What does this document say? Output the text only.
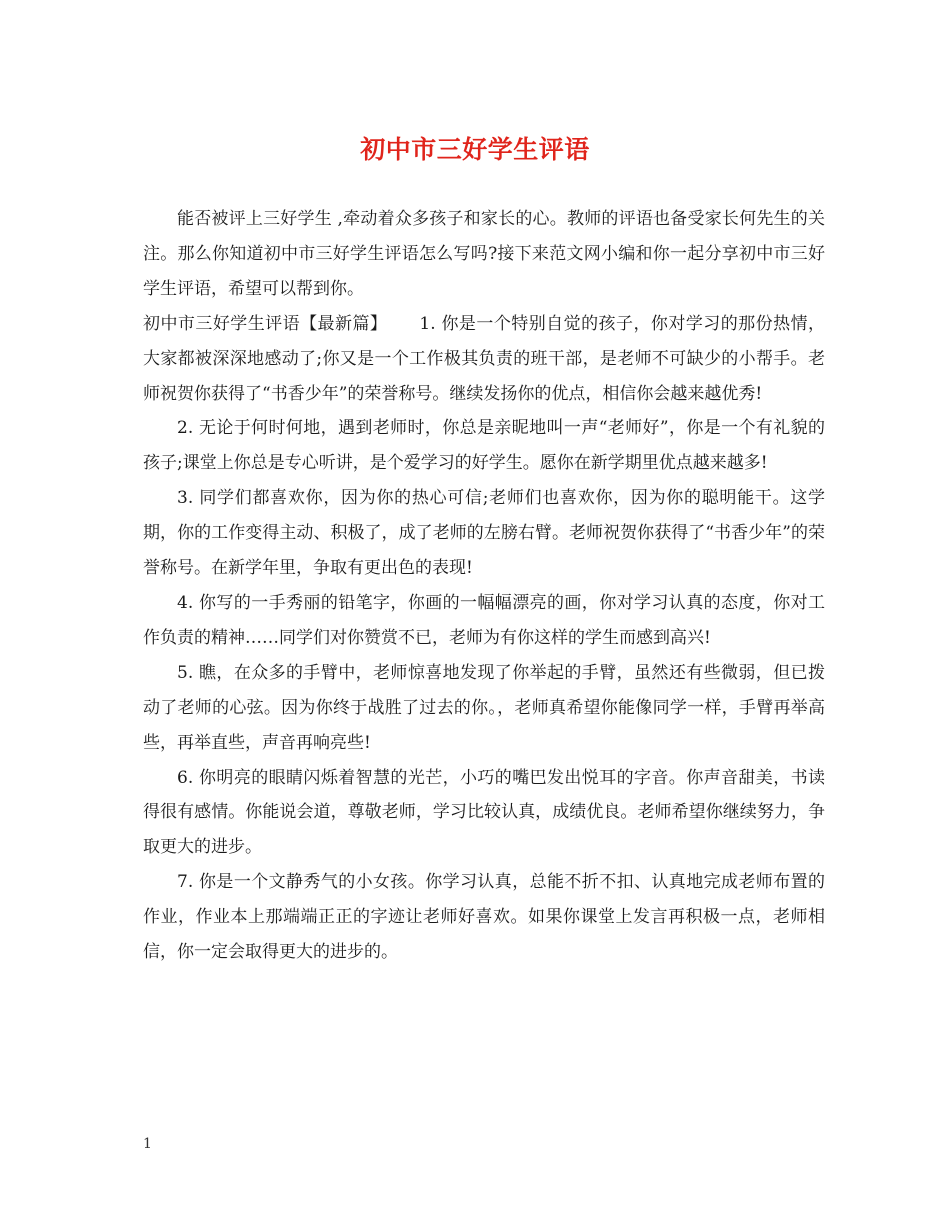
初中市三好学生评语

能否被评上三好学生 ,牵动着众多孩子和家长的心。教师的评语也备受家长何先生的关注。那么你知道初中市三好学生评语怎么写吗?接下来范文网小编和你一起分享初中市三好学生评语，希望可以帮到你。

初中市三好学生评语【最新篇】 1. 你是一个特别自觉的孩子，你对学习的那份热情，大家都被深深地感动了;你又是一个工作极其负责的班干部，是老师不可缺少的小帮手。老师祝贺你获得了“书香少年”的荣誉称号。继续发扬你的优点，相信你会越来越优秀!

2. 无论于何时何地，遇到老师时，你总是亲昵地叫一声“老师好”，你是一个有礼貌的孩子;课堂上你总是专心听讲，是个爱学习的好学生。愿你在新学期里优点越来越多!

3. 同学们都喜欢你，因为你的热心可信;老师们也喜欢你，因为你的聪明能干。这学期，你的工作变得主动、积极了，成了老师的左膀右臂。老师祝贺你获得了“书香少年”的荣誉称号。在新学年里，争取有更出色的表现!

4. 你写的一手秀丽的铅笔字，你画的一幅幅漂亮的画，你对学习认真的态度，你对工作负责的精神……同学们对你赞赏不已，老师为有你这样的学生而感到高兴!

5. 瞧，在众多的手臂中，老师惊喜地发现了你举起的手臂，虽然还有些微弱，但已拨动了老师的心弦。因为你终于战胜了过去的你。，老师真希望你能像同学一样，手臂再举高些，再举直些，声音再响亮些!

6. 你明亮的眼睛闪烁着智慧的光芒，小巧的嘴巴发出悦耳的字音。你声音甜美，书读得很有感情。你能说会道，尊敬老师，学习比较认真，成绩优良。老师希望你继续努力，争取更大的进步。

7. 你是一个文静秀气的小女孩。你学习认真，总能不折不扣、认真地完成老师布置的作业，作业本上那端端正正的字迹让老师好喜欢。如果你课堂上发言再积极一点，老师相信，你一定会取得更大的进步的。

1
